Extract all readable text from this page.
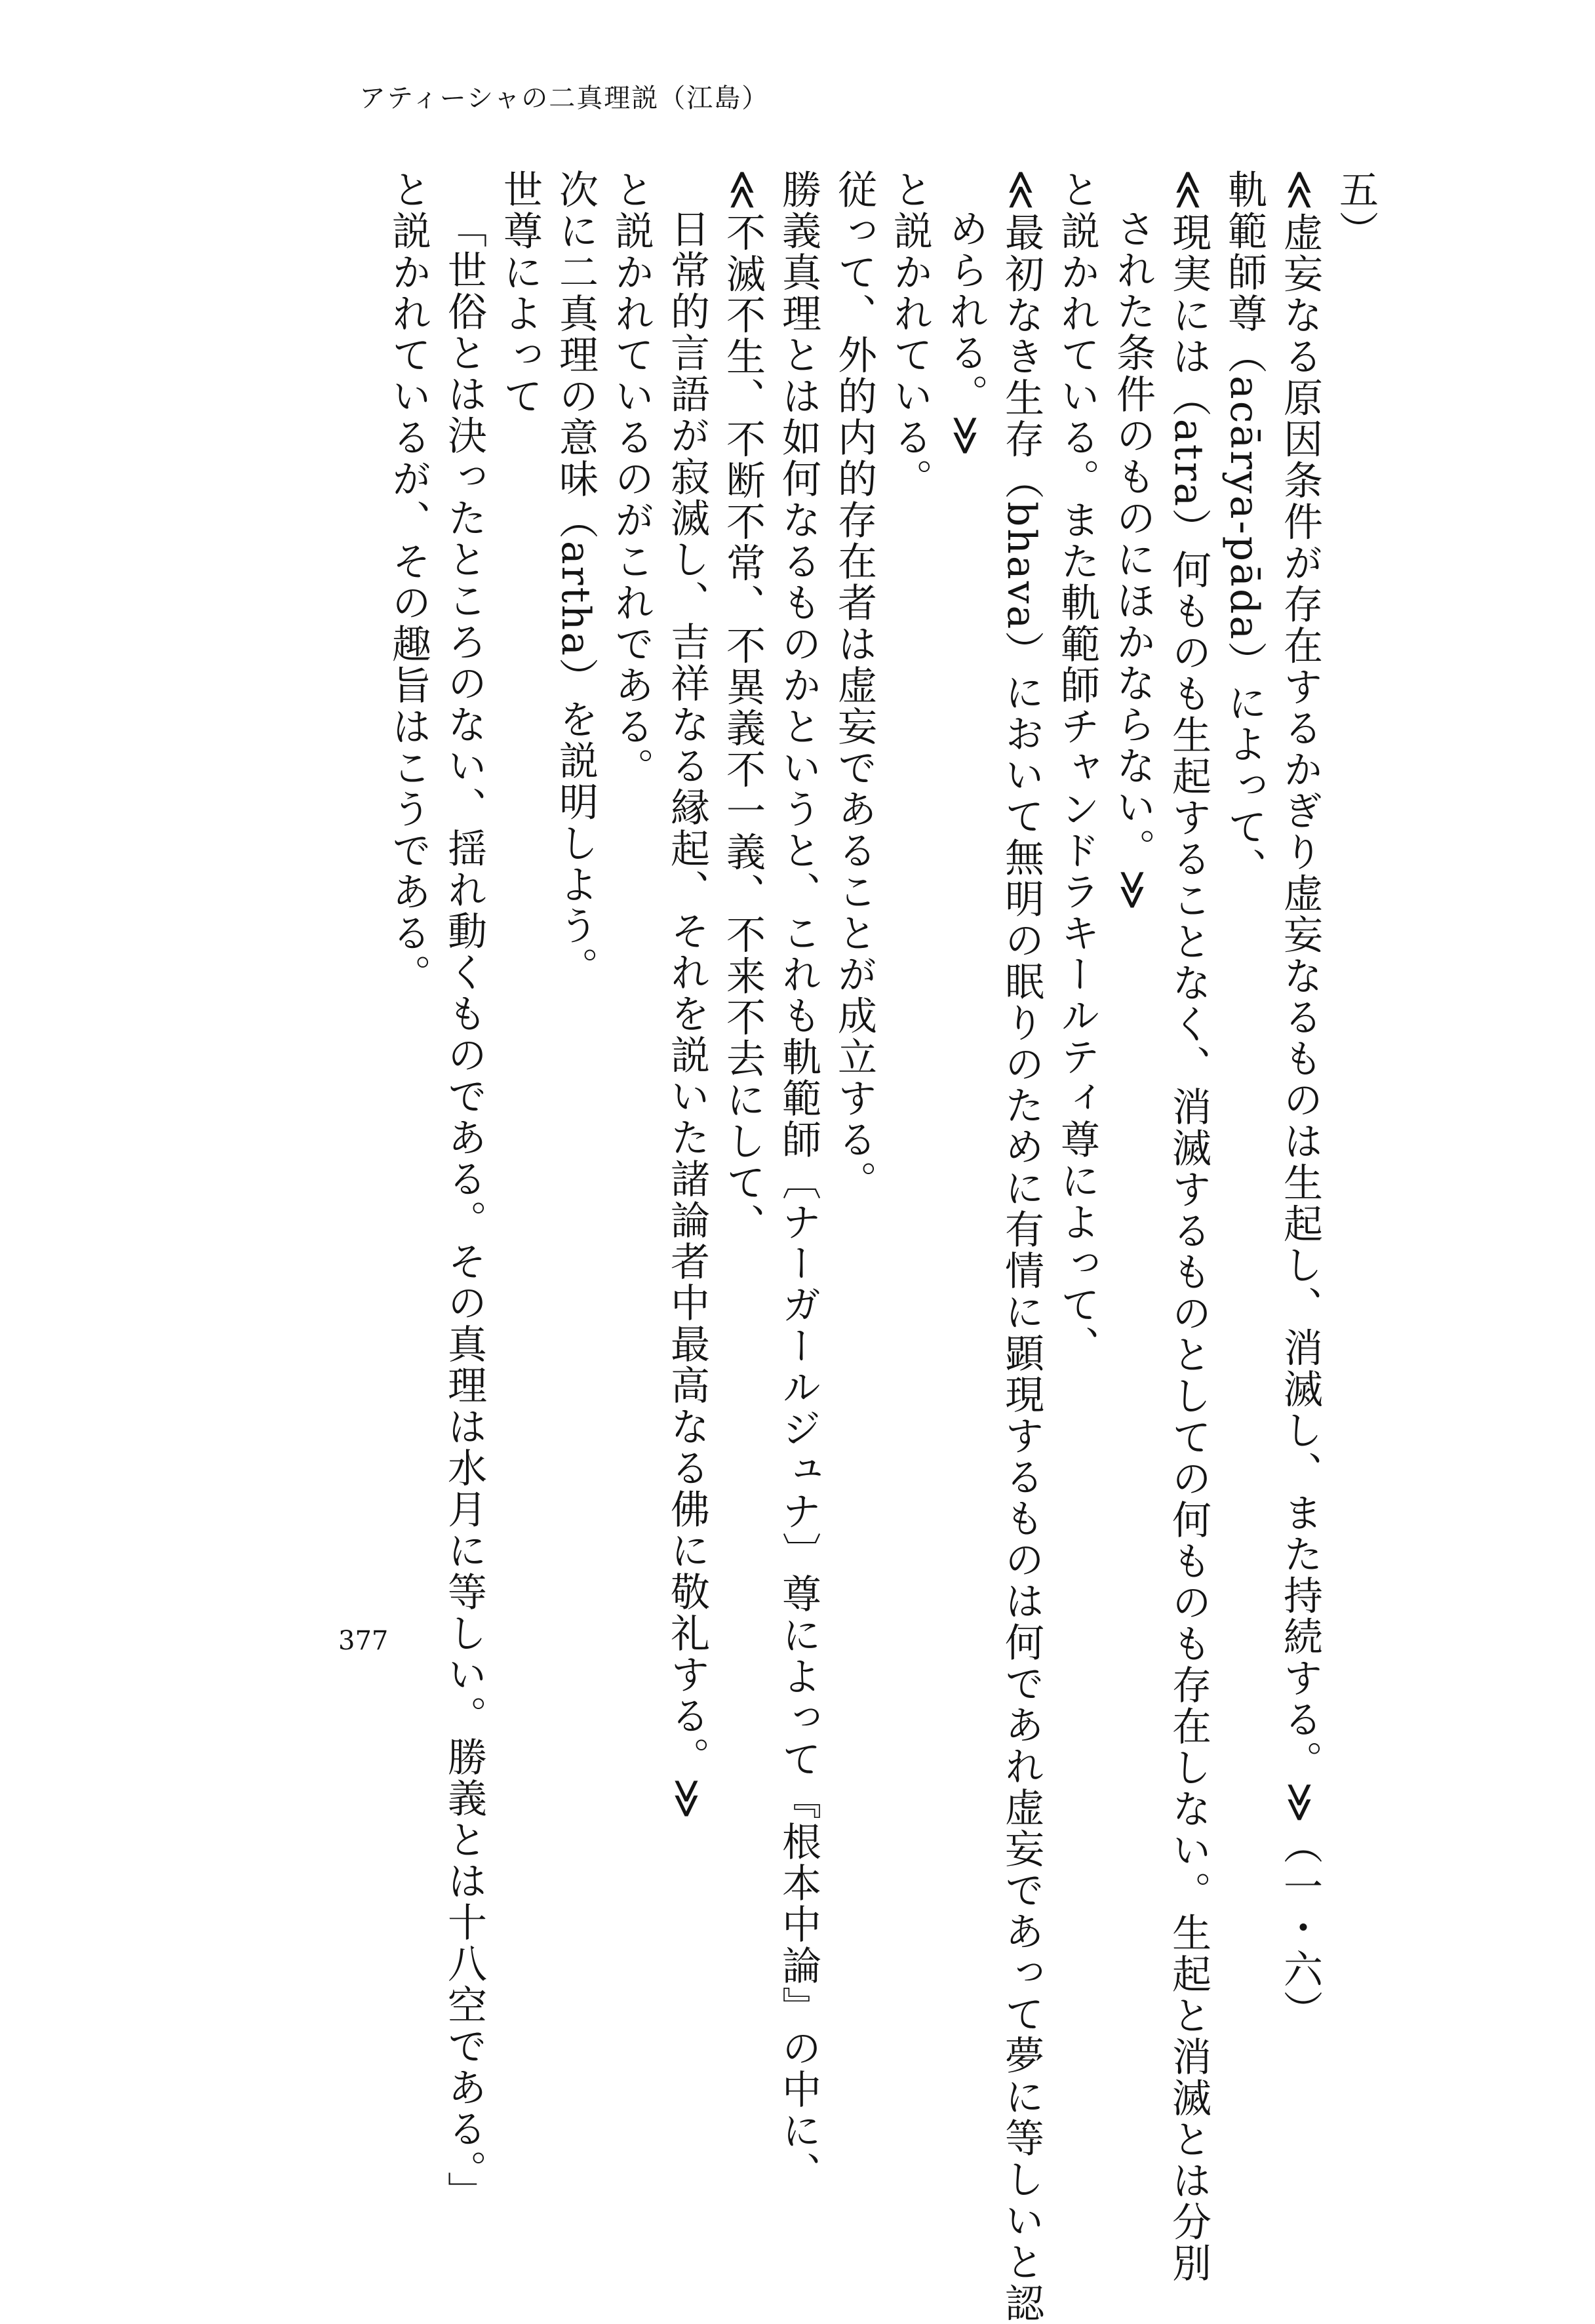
アティーシャの二真理説（江島）
五）
≪虚妄なる原因条件が存在するかぎり虚妄なるものは生起し、消滅し、また持続する。≫（一・六）
軌範師尊（acārya-pāda）によって、
≪現実には（atra）何ものも生起することなく、消滅するものとしての何ものも存在しない。生起と消滅とは分別
された条件のものにほかならない。≫
と説かれている。また軌範師チャンドラキールティ尊によって、
≪最初なき生存（bhava）において無明の眠りのために有情に顕現するものは何であれ虚妄であって夢に等しいと認
められる。≫
と説かれている。
従って、外的内的存在者は虚妄であることが成立する。
勝義真理とは如何なるものかというと、これも軌範師〔ナーガールジュナ〕尊によって『根本中論』の中に、
≪不滅不生、不断不常、不異義不一義、不来不去にして、
日常的言語が寂滅し、吉祥なる縁起、それを説いた諸論者中最高なる佛に敬礼する。≫
と説かれているのがこれである。
次に二真理の意味（artha）を説明しよう。
世尊によって
「世俗とは決ったところのない、揺れ動くものである。その真理は水月に等しい。勝義とは十八空である。」
と説かれているが、その趣旨はこうである。
377
